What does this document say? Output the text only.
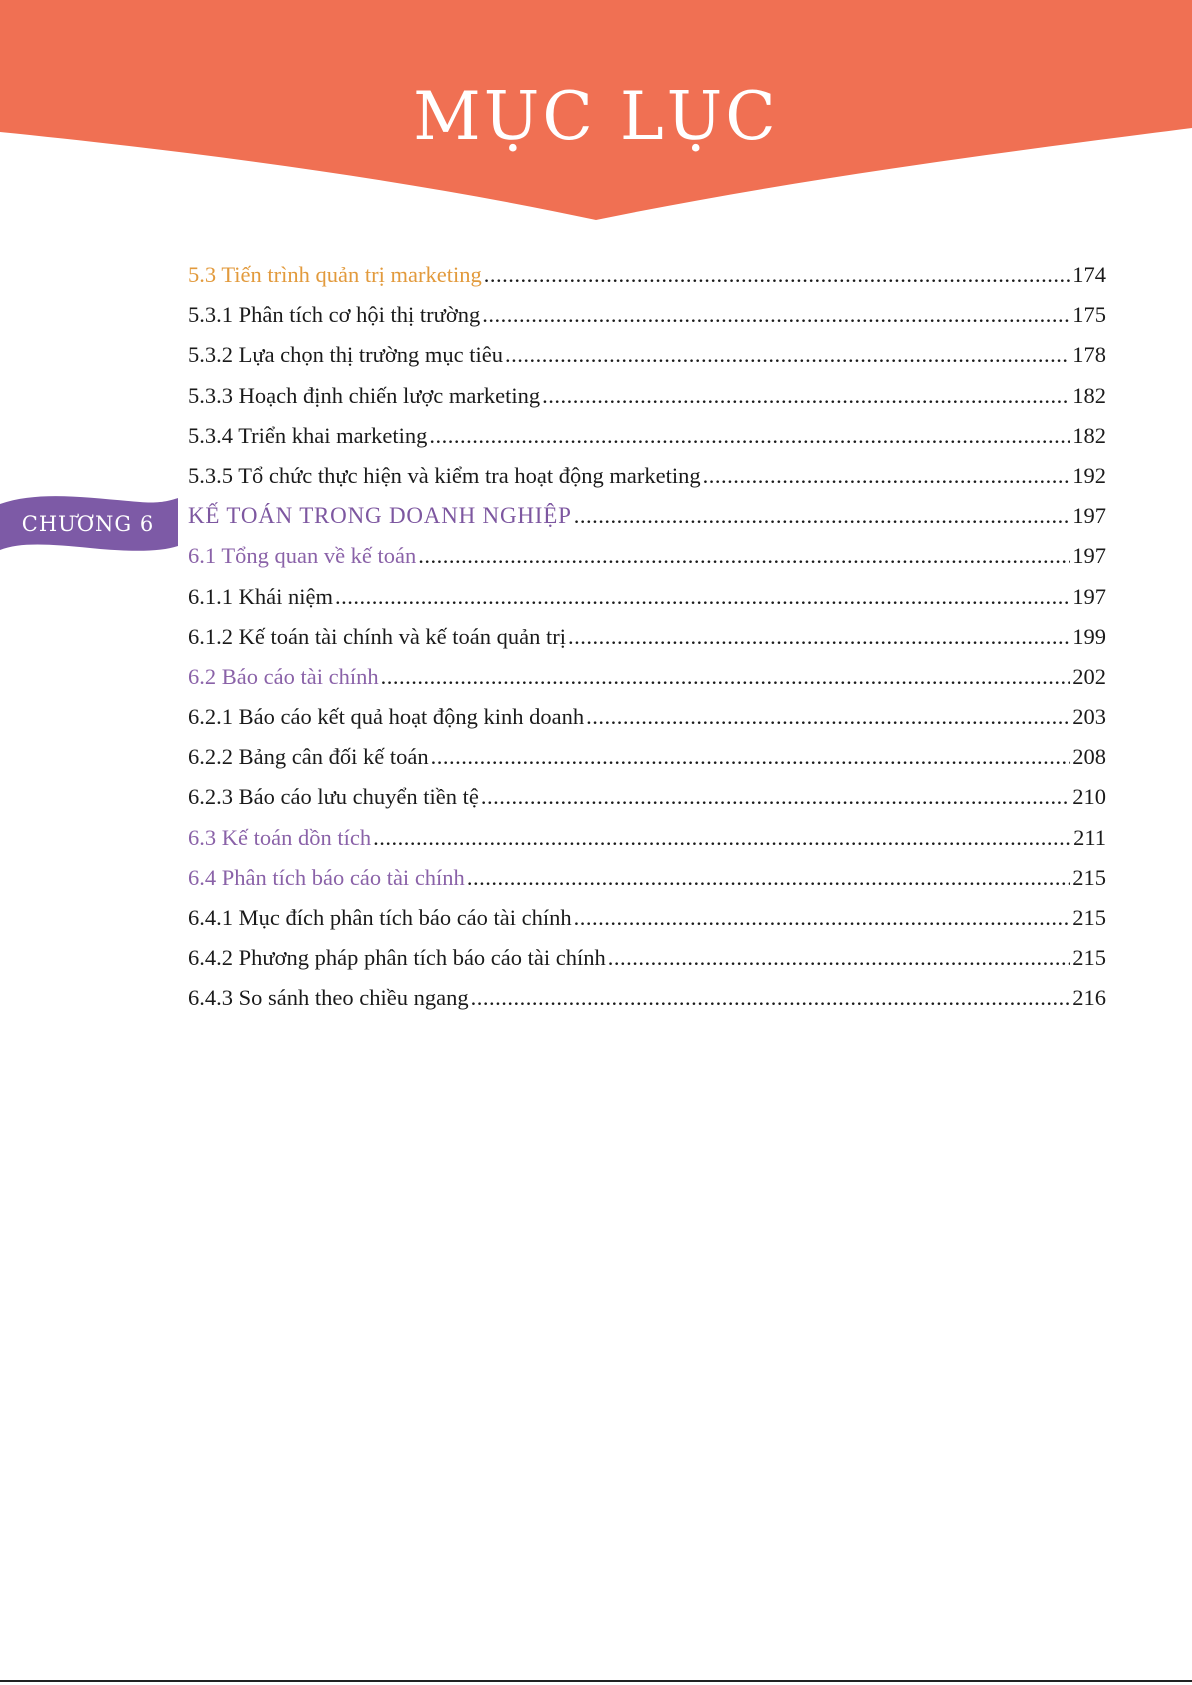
MỤC LỤC
CHƯƠNG 6
5.3 Tiến trình quản trị marketing .....	174
5.3.1 Phân tích cơ hội thị trường .....	175
5.3.2 Lựa chọn thị trường mục tiêu .....	178
5.3.3 Hoạch định chiến lược marketing .....	182
5.3.4 Triển khai marketing .....	182
5.3.5 Tổ chức thực hiện và kiểm tra hoạt động marketing .....	192
KẾ TOÁN TRONG DOANH NGHIỆP .....	197
6.1 Tổng quan về kế toán .....	197
6.1.1 Khái niệm .....	197
6.1.2 Kế toán tài chính và kế toán quản trị .....	199
6.2 Báo cáo tài chính .....	202
6.2.1 Báo cáo kết quả hoạt động kinh doanh .....	203
6.2.2 Bảng cân đối kế toán .....	208
6.2.3 Báo cáo lưu chuyển tiền tệ .....	210
6.3 Kế toán dồn tích .....	211
6.4 Phân tích báo cáo tài chính .....	215
6.4.1 Mục đích phân tích báo cáo tài chính .....	215
6.4.2 Phương pháp phân tích báo cáo tài chính .....	215
6.4.3 So sánh theo chiều ngang .....	216
